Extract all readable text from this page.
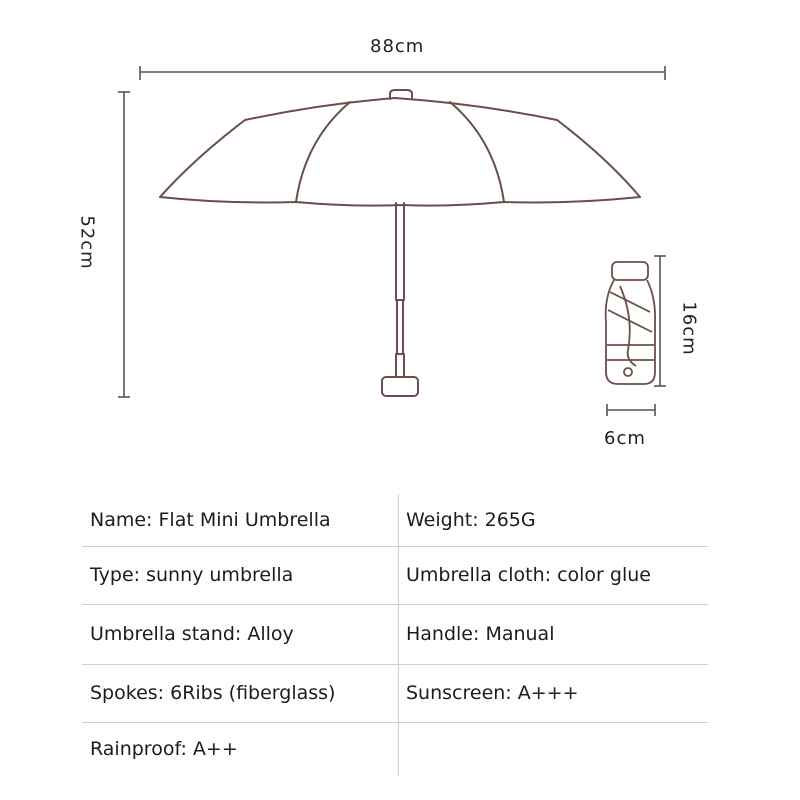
88cm
52cm
16cm
6cm
Name: Flat Mini Umbrella	Weight: 265G
Type: sunny umbrella	Umbrella cloth: color glue
Umbrella stand: Alloy	Handle: Manual
Spokes: 6Ribs (fiberglass)	Sunscreen: A+++
Rainproof: A++
